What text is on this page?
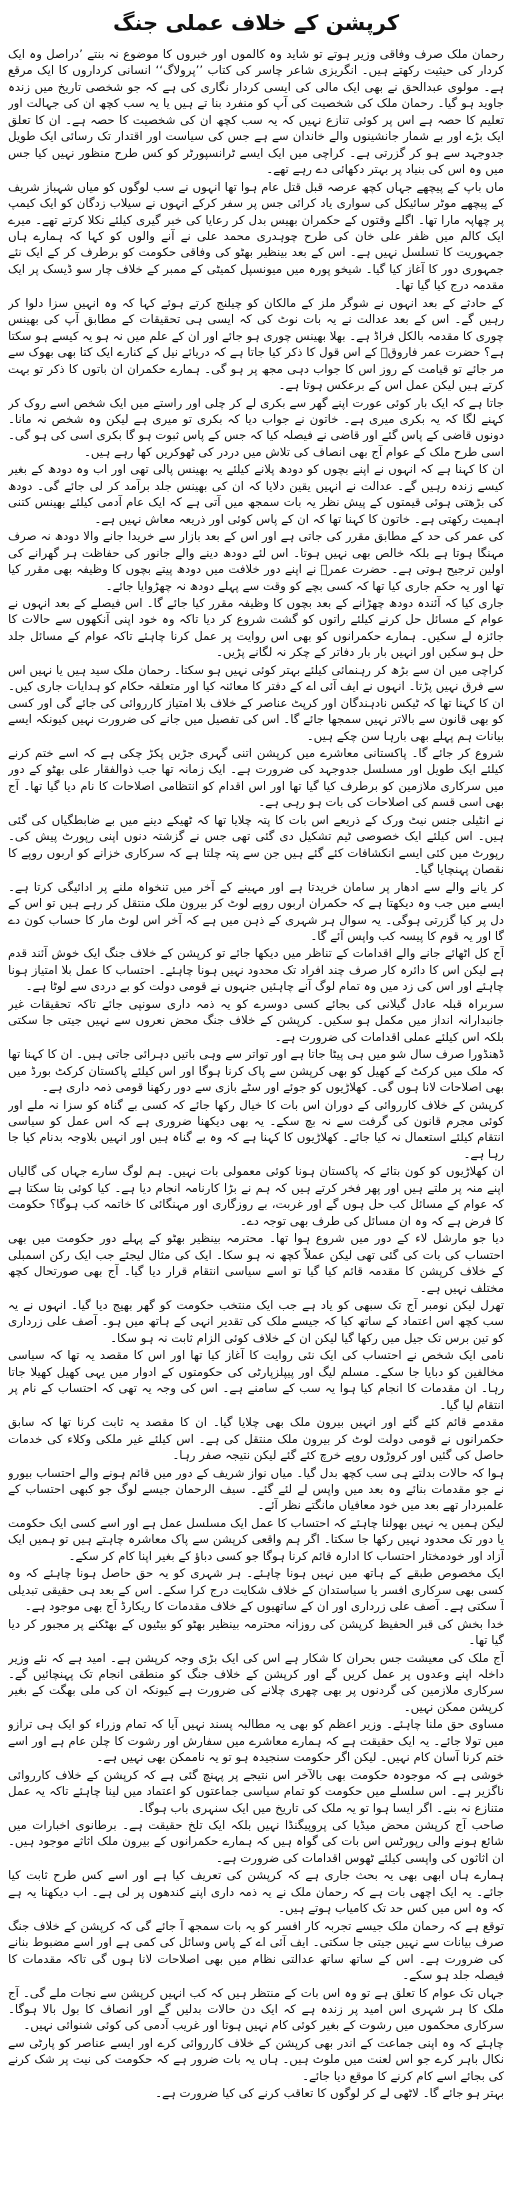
کرپشن کے خلاف عملی جنگ

رحمان ملک صرف وفاقی وزیر ہوتے تو شاید وہ کالموں اور خبروں کا موضوع نہ بنتے ’دراصل وہ ایک کردار کی حیثیت رکھتے ہیں۔ انگریزی شاعر چاسر کی کتاب ’’پرولاگ‘‘ انسانی کرداروں کا ایک مرقع ہے۔ مولوی عبدالحق نے بھی ایک مالی کی ایسی کردار نگاری کی ہے کہ جو شخصی تاریخ میں زندہ جاوید ہو گیا۔ رحمان ملک کی شخصیت کی آپ کو منفرد بنا تے ہیں یا یہ سب کچھ ان کی جہالت اور تعلیم کا حصہ ہے اس پر کوئی تنازع نہیں کہ یہ سب کچھ ان کی شخصیت کا حصہ ہے۔ ان کا تعلق ایک بڑے اور بے شمار جانشینوں والے خاندان سے ہے جس کی سیاست اور اقتدار تک رسائی ایک طویل جدوجہد سے ہو کر گزرتی ہے۔ کراچی میں ایک ایسے ٹرانسپورٹر کو کس طرح منظور نہیں کیا جس میں وہ اس کی بنیاد پر بہتر دکھائی دے رہے تھے۔

ماں باپ کے پیچھے جہاں کچھ عرصہ قبل قتل عام ہوا تھا انہوں نے سب لوگوں کو میاں شہباز شریف کے پیچھے موٹر سائیکل کی سواری یاد کرائی جس پر سفر کرکے انہوں نے سیلاب زدگان کو ایک کیمپ پر چھاپہ مارا تھا۔ اگلے وقتوں کے حکمران بھیس بدل کر رعایا کی خبر گیری کیلئے نکلا کرتے تھے۔ میرے ایک کالم میں ظفر علی خان کی طرح چوہدری محمد علی نے آنے والوں کو کہا کہ ہمارے ہاں جمہوریت کا تسلسل نہیں ہے۔ اس کے بعد بینظیر بھٹو کی وفاقی حکومت کو برطرف کر کے ایک نئے جمہوری دور کا آغاز کیا گیا۔ شیخو پورہ میں میونسپل کمیٹی کے ممبر کے خلاف چار سو ڈیسک پر ایک مقدمہ درج کیا گیا تھا۔

کے حادثے کے بعد انہوں نے شوگر ملز کے مالکان کو چیلنج کرتے ہوئے کہا کہ وہ انہیں سزا دلوا کر رہیں گے۔ اس کے بعد عدالت نے یہ بات نوٹ کی کہ ایسی ہی تحقیقات کے مطابق آپ کی بھینس چوری کا مقدمہ بالکل فراڈ ہے۔ بھلا بھینس چوری ہو جائے اور ان کے علم میں نہ ہو یہ کیسے ہو سکتا ہے؟ حضرت عمر فاروقؓ کے اس قول کا ذکر کیا جاتا ہے کہ دریائے نیل کے کنارے ایک کتا بھی بھوک سے مر جائے تو قیامت کے روز اس کا جواب دہی مجھ پر ہو گی۔ ہمارے حکمران ان باتوں کا ذکر تو بہت کرتے ہیں لیکن عمل اس کے برعکس ہوتا ہے۔

جاتا ہے کہ ایک بار کوئی عورت اپنے گھر سے بکری لے کر چلی اور راستے میں ایک شخص اسے روک کر کہنے لگا کہ یہ بکری میری ہے۔ خاتون نے جواب دیا کہ بکری تو میری ہے لیکن وہ شخص نہ مانا۔ دونوں قاضی کے پاس گئے اور قاضی نے فیصلہ کیا کہ جس کے پاس ثبوت ہو گا بکری اسی کی ہو گی۔ اسی طرح ملک کے عوام آج بھی انصاف کی تلاش میں دردر کی ٹھوکریں کھا رہے ہیں۔

ان کا کہنا ہے کہ انہوں نے اپنے بچوں کو دودھ پلانے کیلئے یہ بھینس پالی تھی اور اب وہ دودھ کے بغیر کیسے زندہ رہیں گے۔ عدالت نے انہیں یقین دلایا کہ ان کی بھینس جلد برآمد کر لی جائے گی۔ دودھ کی بڑھتی ہوئی قیمتوں کے پیش نظر یہ بات سمجھ میں آتی ہے کہ ایک عام آدمی کیلئے بھینس کتنی اہمیت رکھتی ہے۔ خاتون کا کہنا تھا کہ ان کے پاس کوئی اور ذریعہ معاش نہیں ہے۔

کی عمر کی حد کے مطابق مقرر کی جاتی ہے اور اس کے بعد بازار سے خریدا جانے والا دودھ نہ صرف مہنگا ہوتا ہے بلکہ خالص بھی نہیں ہوتا۔ اس لئے دودھ دینے والے جانور کی حفاظت ہر گھرانے کی اولین ترجیح ہوتی ہے۔ حضرت عمرؓ نے اپنے دور خلافت میں دودھ پیتے بچوں کا وظیفہ بھی مقرر کیا تھا اور یہ حکم جاری کیا تھا کہ کسی بچے کو وقت سے پہلے دودھ نہ چھڑوایا جائے۔

جاری کیا کہ آئندہ دودھ چھڑانے کے بعد بچوں کا وظیفہ مقرر کیا جائے گا۔ اس فیصلے کے بعد انہوں نے عوام کے مسائل حل کرنے کیلئے راتوں کو گشت شروع کر دیا تاکہ وہ خود اپنی آنکھوں سے حالات کا جائزہ لے سکیں۔ ہمارے حکمرانوں کو بھی اس روایت پر عمل کرنا چاہئے تاکہ عوام کے مسائل جلد حل ہو سکیں اور انہیں بار بار دفاتر کے چکر نہ لگانے پڑیں۔

کراچی میں ان سے بڑھ کر رہنمائی کیلئے بہتر کوئی نہیں ہو سکتا۔ رحمان ملک سید ہیں یا نہیں اس سے فرق نہیں پڑتا۔ انہوں نے ایف آئی اے کے دفتر کا معائنہ کیا اور متعلقہ حکام کو ہدایات جاری کیں۔ ان کا کہنا تھا کہ ٹیکس نادہندگان اور کرپٹ عناصر کے خلاف بلا امتیاز کارروائی کی جائے گی اور کسی کو بھی قانون سے بالاتر نہیں سمجھا جائے گا۔ اس کی تفصیل میں جانے کی ضرورت نہیں کیونکہ ایسے بیانات ہم پہلے بھی بارہا سن چکے ہیں۔

شروع کر جائے گا۔ پاکستانی معاشرے میں کرپشن اتنی گہری جڑیں پکڑ چکی ہے کہ اسے ختم کرنے کیلئے ایک طویل اور مسلسل جدوجہد کی ضرورت ہے۔ ایک زمانہ تھا جب ذوالفقار علی بھٹو کے دور میں سرکاری ملازمین کو برطرف کیا گیا تھا اور اس اقدام کو انتظامی اصلاحات کا نام دیا گیا تھا۔ آج بھی اسی قسم کی اصلاحات کی بات ہو رہی ہے۔

نے انٹیلی جنس نیٹ ورک کے ذریعے اس بات کا پتہ چلایا تھا کہ ٹھیکے دینے میں بے ضابطگیاں کی گئی ہیں۔ اس کیلئے ایک خصوصی ٹیم تشکیل دی گئی تھی جس نے گزشتہ دنوں اپنی رپورٹ پیش کی۔ رپورٹ میں کئی ایسے انکشافات کئے گئے ہیں جن سے پتہ چلتا ہے کہ سرکاری خزانے کو اربوں روپے کا نقصان پہنچایا گیا۔

کر یانے والے سے ادھار پر سامان خریدتا ہے اور مہینے کے آخر میں تنخواہ ملنے پر ادائیگی کرتا ہے۔ ایسے میں جب وہ دیکھتا ہے کہ حکمران اربوں روپے لوٹ کر بیرون ملک منتقل کر رہے ہیں تو اس کے دل پر کیا گزرتی ہوگی۔ یہ سوال ہر شہری کے ذہن میں ہے کہ آخر اس لوٹ مار کا حساب کون دے گا اور یہ قوم کا پیسہ کب واپس آئے گا۔

آج کل اٹھائے جانے والے اقدامات کے تناظر میں دیکھا جائے تو کرپشن کے خلاف جنگ ایک خوش آئند قدم ہے لیکن اس کا دائرہ کار صرف چند افراد تک محدود نہیں ہونا چاہئے۔ احتساب کا عمل بلا امتیاز ہونا چاہئے اور اس کی زد میں وہ تمام لوگ آنے چاہئیں جنہوں نے قومی دولت کو بے دردی سے لوٹا ہے۔

سربراہ قبلہ عادل گیلانی کی بجائے کسی دوسرے کو یہ ذمہ داری سونپی جائے تاکہ تحقیقات غیر جانبدارانہ انداز میں مکمل ہو سکیں۔ کرپشن کے خلاف جنگ محض نعروں سے نہیں جیتی جا سکتی بلکہ اس کیلئے عملی اقدامات کی ضرورت ہے۔

ڈھنڈورا صرف سال شو میں ہی پیٹا جاتا ہے اور تواتر سے وہی باتیں دہرائی جاتی ہیں۔ ان کا کہنا تھا کہ ملک میں کرکٹ کے کھیل کو بھی کرپشن سے پاک کرنا ہوگا اور اس کیلئے پاکستان کرکٹ بورڈ میں بھی اصلاحات لانا ہوں گی۔ کھلاڑیوں کو جوئے اور سٹے بازی سے دور رکھنا قومی ذمہ داری ہے۔

کرپشن کے خلاف کارروائی کے دوران اس بات کا خیال رکھا جائے کہ کسی بے گناہ کو سزا نہ ملے اور کوئی مجرم قانون کی گرفت سے نہ بچ سکے۔ یہ بھی دیکھنا ضروری ہے کہ اس عمل کو سیاسی انتقام کیلئے استعمال نہ کیا جائے۔ کھلاڑیوں کا کہنا ہے کہ وہ بے گناہ ہیں اور انہیں بلاوجہ بدنام کیا جا رہا ہے۔

ان کھلاڑیوں کو کون بتائے کہ پاکستان ہونا کوئی معمولی بات نہیں۔ ہم لوگ سارے جہاں کی گالیاں اپنے منہ پر ملتے ہیں اور پھر فخر کرتے ہیں کہ ہم نے بڑا کارنامہ انجام دیا ہے۔ کیا کوئی بتا سکتا ہے کہ عوام کے مسائل کب حل ہوں گے اور غربت، بے روزگاری اور مہنگائی کا خاتمہ کب ہوگا؟ حکومت کا فرض ہے کہ وہ ان مسائل کی طرف بھی توجہ دے۔

دیا جو مارشل لاء کے دور میں شروع ہوا تھا۔ محترمہ بینظیر بھٹو کے پہلے دور حکومت میں بھی احتساب کی بات کی گئی تھی لیکن عملاً کچھ نہ ہو سکا۔ ایک کی مثال لیجئے جب ایک رکن اسمبلی کے خلاف کرپشن کا مقدمہ قائم کیا گیا تو اسے سیاسی انتقام قرار دیا گیا۔ آج بھی صورتحال کچھ مختلف نہیں ہے۔

تھرل لیکن نومبر آج تک سبھی کو یاد ہے جب ایک منتخب حکومت کو گھر بھیج دیا گیا۔ انہوں نے یہ سب کچھ اس اعتماد کے ساتھ کیا کہ جیسے ملک کی تقدیر انہی کے ہاتھ میں ہو۔ آصف علی زرداری کو تین برس تک جیل میں رکھا گیا لیکن ان کے خلاف کوئی الزام ثابت نہ ہو سکا۔

نامی ایک شخص نے احتساب کی ایک نئی روایت کا آغاز کیا تھا اور اس کا مقصد یہ تھا کہ سیاسی مخالفین کو دبایا جا سکے۔ مسلم لیگ اور پیپلزپارٹی کی حکومتوں کے ادوار میں یہی کھیل کھیلا جاتا رہا۔ ان مقدمات کا انجام کیا ہوا یہ سب کے سامنے ہے۔ اس کی وجہ یہ تھی کہ احتساب کے نام پر انتقام لیا گیا۔

مقدمے قائم کئے گئے اور انہیں بیرون ملک بھی چلایا گیا۔ ان کا مقصد یہ ثابت کرنا تھا کہ سابق حکمرانوں نے قومی دولت لوٹ کر بیرون ملک منتقل کی ہے۔ اس کیلئے غیر ملکی وکلاء کی خدمات حاصل کی گئیں اور کروڑوں روپے خرچ کئے گئے لیکن نتیجہ صفر رہا۔

ہوا کہ حالات بدلتے ہی سب کچھ بدل گیا۔ میاں نواز شریف کے دور میں قائم ہونے والے احتساب بیورو نے جو مقدمات بنائے وہ بعد میں واپس لے لئے گئے۔ سیف الرحمان جیسے لوگ جو کبھی احتساب کے علمبردار تھے بعد میں خود معافیاں مانگتے نظر آئے۔

لیکن ہمیں یہ نہیں بھولنا چاہئے کہ احتساب کا عمل ایک مسلسل عمل ہے اور اسے کسی ایک حکومت یا دور تک محدود نہیں رکھا جا سکتا۔ اگر ہم واقعی کرپشن سے پاک معاشرہ چاہتے ہیں تو ہمیں ایک آزاد اور خودمختار احتساب کا ادارہ قائم کرنا ہوگا جو کسی دباؤ کے بغیر اپنا کام کر سکے۔

ایک مخصوص طبقے کے ہاتھ میں نہیں ہونا چاہئے۔ ہر شہری کو یہ حق حاصل ہونا چاہئے کہ وہ کسی بھی سرکاری افسر یا سیاستدان کے خلاف شکایت درج کرا سکے۔ اس کے بعد ہی حقیقی تبدیلی آ سکتی ہے۔ آصف علی زرداری اور ان کے ساتھیوں کے خلاف مقدمات کا ریکارڈ آج بھی موجود ہے۔

خدا بخش کی قبر الحفیظ کرپشن کی روزانہ محترمہ بینظیر بھٹو کو بیٹیوں کے بھٹکنے پر مجبور کر دیا گیا تھا۔

آج ملک کی معیشت جس بحران کا شکار ہے اس کی ایک بڑی وجہ کرپشن ہے۔ امید ہے کہ نئے وزیر داخلہ اپنے وعدوں پر عمل کریں گے اور کرپشن کے خلاف جنگ کو منطقی انجام تک پہنچائیں گے۔ سرکاری ملازمین کی گردنوں پر بھی چھری چلانے کی ضرورت ہے کیونکہ ان کی ملی بھگت کے بغیر کرپشن ممکن نہیں۔

مساوی حق ملنا چاہئے۔ وزیر اعظم کو بھی یہ مطالبہ پسند نہیں آیا کہ تمام وزراء کو ایک ہی ترازو میں تولا جائے۔ یہ ایک حقیقت ہے کہ ہمارے معاشرے میں سفارش اور رشوت کا چلن عام ہے اور اسے ختم کرنا آسان کام نہیں۔ لیکن اگر حکومت سنجیدہ ہو تو یہ ناممکن بھی نہیں ہے۔

خوشی ہے کہ موجودہ حکومت بھی بالآخر اس نتیجے پر پہنچ گئی ہے کہ کرپشن کے خلاف کارروائی ناگزیر ہے۔ اس سلسلے میں حکومت کو تمام سیاسی جماعتوں کو اعتماد میں لینا چاہئے تاکہ یہ عمل متنازع نہ بنے۔ اگر ایسا ہوا تو یہ ملک کی تاریخ میں ایک سنہری باب ہوگا۔

صاحب آج کرپشن محض میڈیا کی پروپیگنڈا نہیں بلکہ ایک تلخ حقیقت ہے۔ برطانوی اخبارات میں شائع ہونے والی رپورٹس اس بات کی گواہ ہیں کہ ہمارے حکمرانوں کے بیرون ملک اثاثے موجود ہیں۔ ان اثاثوں کی واپسی کیلئے ٹھوس اقدامات کی ضرورت ہے۔

ہمارے ہاں ابھی بھی یہ بحث جاری ہے کہ کرپشن کی تعریف کیا ہے اور اسے کس طرح ثابت کیا جائے۔ یہ ایک اچھی بات ہے کہ رحمان ملک نے یہ ذمہ داری اپنے کندھوں پر لی ہے۔ اب دیکھنا یہ ہے کہ وہ اس میں کس حد تک کامیاب ہوتے ہیں۔

توقع ہے کہ رحمان ملک جیسے تجربہ کار افسر کو یہ بات سمجھ آ جائے گی کہ کرپشن کے خلاف جنگ صرف بیانات سے نہیں جیتی جا سکتی۔ ایف آئی اے کے پاس وسائل کی کمی ہے اور اسے مضبوط بنانے کی ضرورت ہے۔ اس کے ساتھ ساتھ عدالتی نظام میں بھی اصلاحات لانا ہوں گی تاکہ مقدمات کا فیصلہ جلد ہو سکے۔

جہاں تک عوام کا تعلق ہے تو وہ اس بات کے منتظر ہیں کہ کب انہیں کرپشن سے نجات ملے گی۔ آج ملک کا ہر شہری اس امید پر زندہ ہے کہ ایک دن حالات بدلیں گے اور انصاف کا بول بالا ہوگا۔ سرکاری محکموں میں رشوت کے بغیر کوئی کام نہیں ہوتا اور غریب آدمی کی کوئی شنوائی نہیں۔

چاہئے کہ وہ اپنی جماعت کے اندر بھی کرپشن کے خلاف کارروائی کرے اور ایسے عناصر کو پارٹی سے نکال باہر کرے جو اس لعنت میں ملوث ہیں۔ ہاں یہ بات ضرور ہے کہ حکومت کی نیت پر شک کرنے کی بجائے اسے کام کرنے کا موقع دیا جائے۔

بہتر ہو جائے گا۔ لاٹھی لے کر لوگوں کا تعاقب کرنے کی کیا ضرورت ہے۔
